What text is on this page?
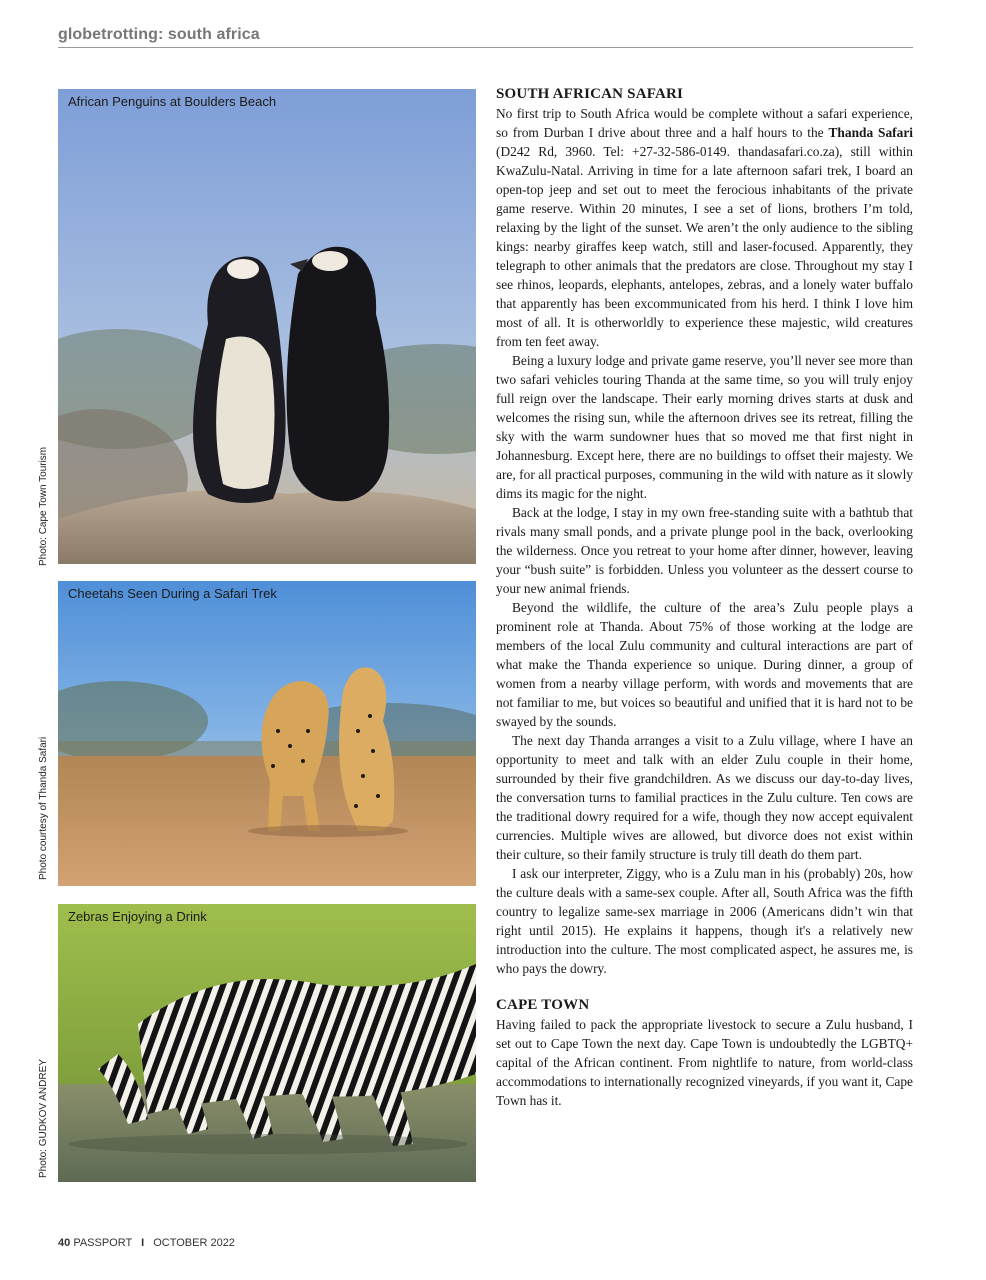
globetrotting: south africa
African Penguins at Boulders Beach
Photo: Cape Town Tourism
Cheetahs Seen During a Safari Trek
Photo courtesy of Thanda Safari
Zebras Enjoying a Drink
Photo: GUDKOV ANDREY
SOUTH AFRICAN SAFARI

No first trip to South Africa would be complete without a safari experience, so from Durban I drive about three and a half hours to the Thanda Safari (D242 Rd, 3960. Tel: +27-32-586-0149. thandasafari.co.za), still within KwaZulu-Natal. Arriving in time for a late afternoon safari trek, I board an open-top jeep and set out to meet the ferocious inhabitants of the private game reserve. Within 20 minutes, I see a set of lions, brothers I’m told, relaxing by the light of the sunset. We aren’t the only audience to the sibling kings: nearby giraffes keep watch, still and laser-focused. Apparently, they telegraph to other animals that the predators are close. Throughout my stay I see rhinos, leopards, elephants, antelopes, zebras, and a lonely water buffalo that apparently has been excommunicated from his herd. I think I love him most of all. It is otherworldly to experience these majestic, wild creatures from ten feet away.

Being a luxury lodge and private game reserve, you’ll never see more than two safari vehicles touring Thanda at the same time, so you will truly enjoy full reign over the landscape. Their early morning drives starts at dusk and welcomes the rising sun, while the afternoon drives see its retreat, filling the sky with the warm sundowner hues that so moved me that first night in Johannesburg. Except here, there are no buildings to offset their majesty. We are, for all practical purposes, communing in the wild with nature as it slowly dims its magic for the night.

Back at the lodge, I stay in my own free-standing suite with a bathtub that rivals many small ponds, and a private plunge pool in the back, overlooking the wilderness. Once you retreat to your home after dinner, however, leaving your “bush suite” is forbidden. Unless you volunteer as the dessert course to your new animal friends.

Beyond the wildlife, the culture of the area’s Zulu people plays a prominent role at Thanda. About 75% of those working at the lodge are members of the local Zulu community and cultural interactions are part of what make the Thanda experience so unique. During dinner, a group of women from a nearby village perform, with words and movements that are not familiar to me, but voices so beautiful and unified that it is hard not to be swayed by the sounds.

The next day Thanda arranges a visit to a Zulu village, where I have an opportunity to meet and talk with an elder Zulu couple in their home, surrounded by their five grandchildren. As we discuss our day-to-day lives, the conversation turns to familial practices in the Zulu culture. Ten cows are the traditional dowry required for a wife, though they now accept equivalent currencies. Multiple wives are allowed, but divorce does not exist within their culture, so their family structure is truly till death do them part.

I ask our interpreter, Ziggy, who is a Zulu man in his (probably) 20s, how the culture deals with a same-sex couple. After all, South Africa was the fifth country to legalize same-sex marriage in 2006 (Americans didn’t win that right until 2015). He explains it happens, though it's a relatively new introduction into the culture. The most complicated aspect, he assures me, is who pays the dowry.

CAPE TOWN

Having failed to pack the appropriate livestock to secure a Zulu husband, I set out to Cape Town the next day. Cape Town is undoubtedly the LGBTQ+ capital of the African continent. From nightlife to nature, from world-class accommodations to internationally recognized vineyards, if you want it, Cape Town has it.

40 PASSPORT I OCTOBER 2022
